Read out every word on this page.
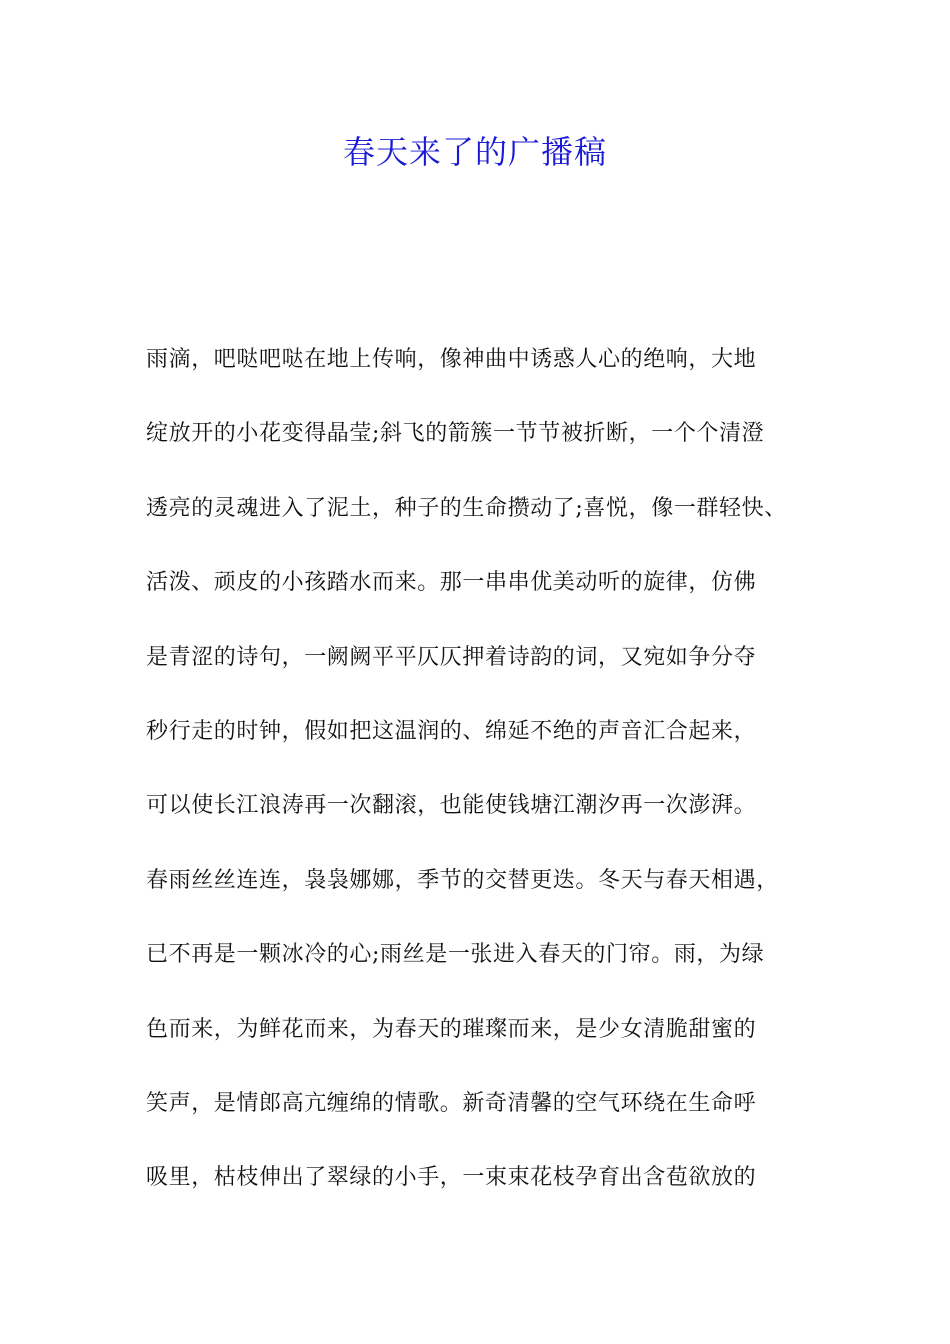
春天来了的广播稿
雨滴，吧哒吧哒在地上传响，像神曲中诱惑人心的绝响，大地
绽放开的小花变得晶莹;斜飞的箭簇一节节被折断，一个个清澄
透亮的灵魂进入了泥土，种子的生命攒动了;喜悦，像一群轻快、
活泼、顽皮的小孩踏水而来。那一串串优美动听的旋律，仿佛
是青涩的诗句，一阙阙平平仄仄押着诗韵的词，又宛如争分夺
秒行走的时钟，假如把这温润的、绵延不绝的声音汇合起来，
可以使长江浪涛再一次翻滚，也能使钱塘江潮汐再一次澎湃。
春雨丝丝连连，袅袅娜娜，季节的交替更迭。冬天与春天相遇，
已不再是一颗冰冷的心;雨丝是一张进入春天的门帘。雨，为绿
色而来，为鲜花而来，为春天的璀璨而来，是少女清脆甜蜜的
笑声，是情郎高亢缠绵的情歌。新奇清馨的空气环绕在生命呼
吸里，枯枝伸出了翠绿的小手，一束束花枝孕育出含苞欲放的
